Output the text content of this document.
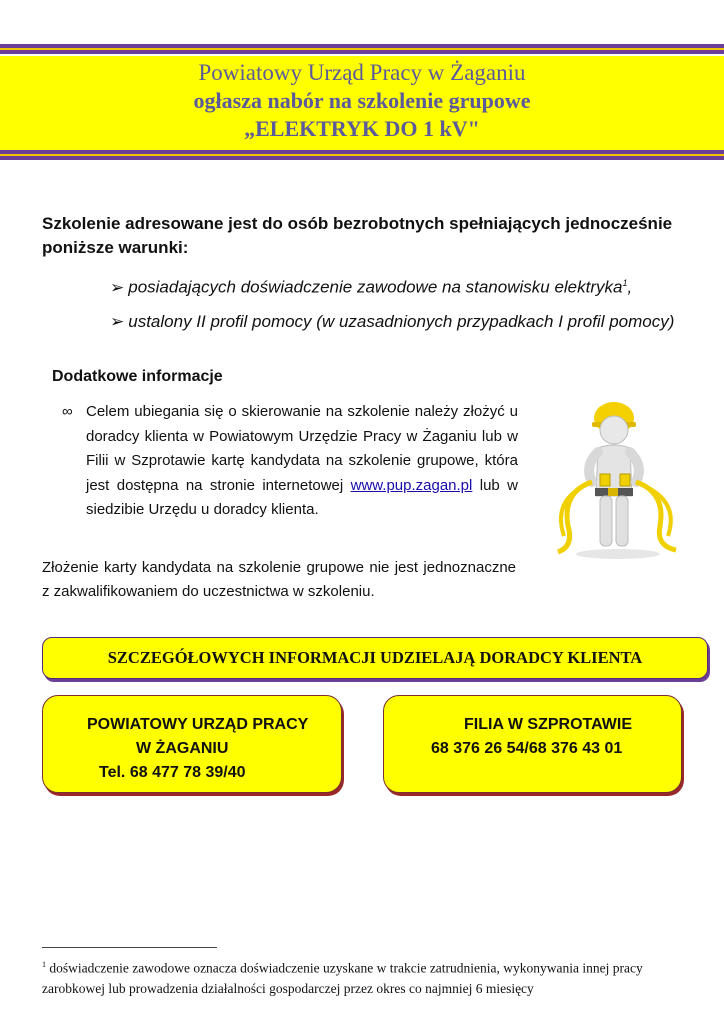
Powiatowy Urząd Pracy w Żaganiu
ogłasza nabór na szkolenie grupowe
„ELEKTRYK DO 1 kV"
Szkolenie adresowane jest do osób bezrobotnych spełniających jednocześnie poniższe warunki:
➢ posiadających doświadczenie zawodowe na stanowisku elektryka$^1$,
➢ ustalony II profil pomocy (w uzasadnionych przypadkach I profil pomocy)
Dodatkowe informacje
∞ Celem ubiegania się o skierowanie na szkolenie należy złożyć u doradcy klienta w Powiatowym Urzędzie Pracy w Żaganiu lub w Filii w Szprotawie kartę kandydata na szkolenie grupowe, która jest dostępna na stronie internetowej www.pup.zagan.pl lub w siedzibie Urzędu u doradcy klienta.
Złożenie karty kandydata na szkolenie grupowe nie jest jednoznaczne z zakwalifikowaniem do uczestnictwa w szkoleniu.
SZCZEGÓŁOWYCH INFORMACJI UDZIELAJĄ DORADCY KLIENTA
POWIATOWY URZĄD PRACY
W ŻAGANIU
Tel. 68 477 78 39/40
FILIA W SZPROTAWIE
68 376 26 54/68 376 43 01
$^1$ doświadczenie zawodowe oznacza doświadczenie uzyskane w trakcie zatrudnienia, wykonywania innej pracy zarobkowej lub prowadzenia działalności gospodarczej przez okres co najmniej 6 miesięcy
